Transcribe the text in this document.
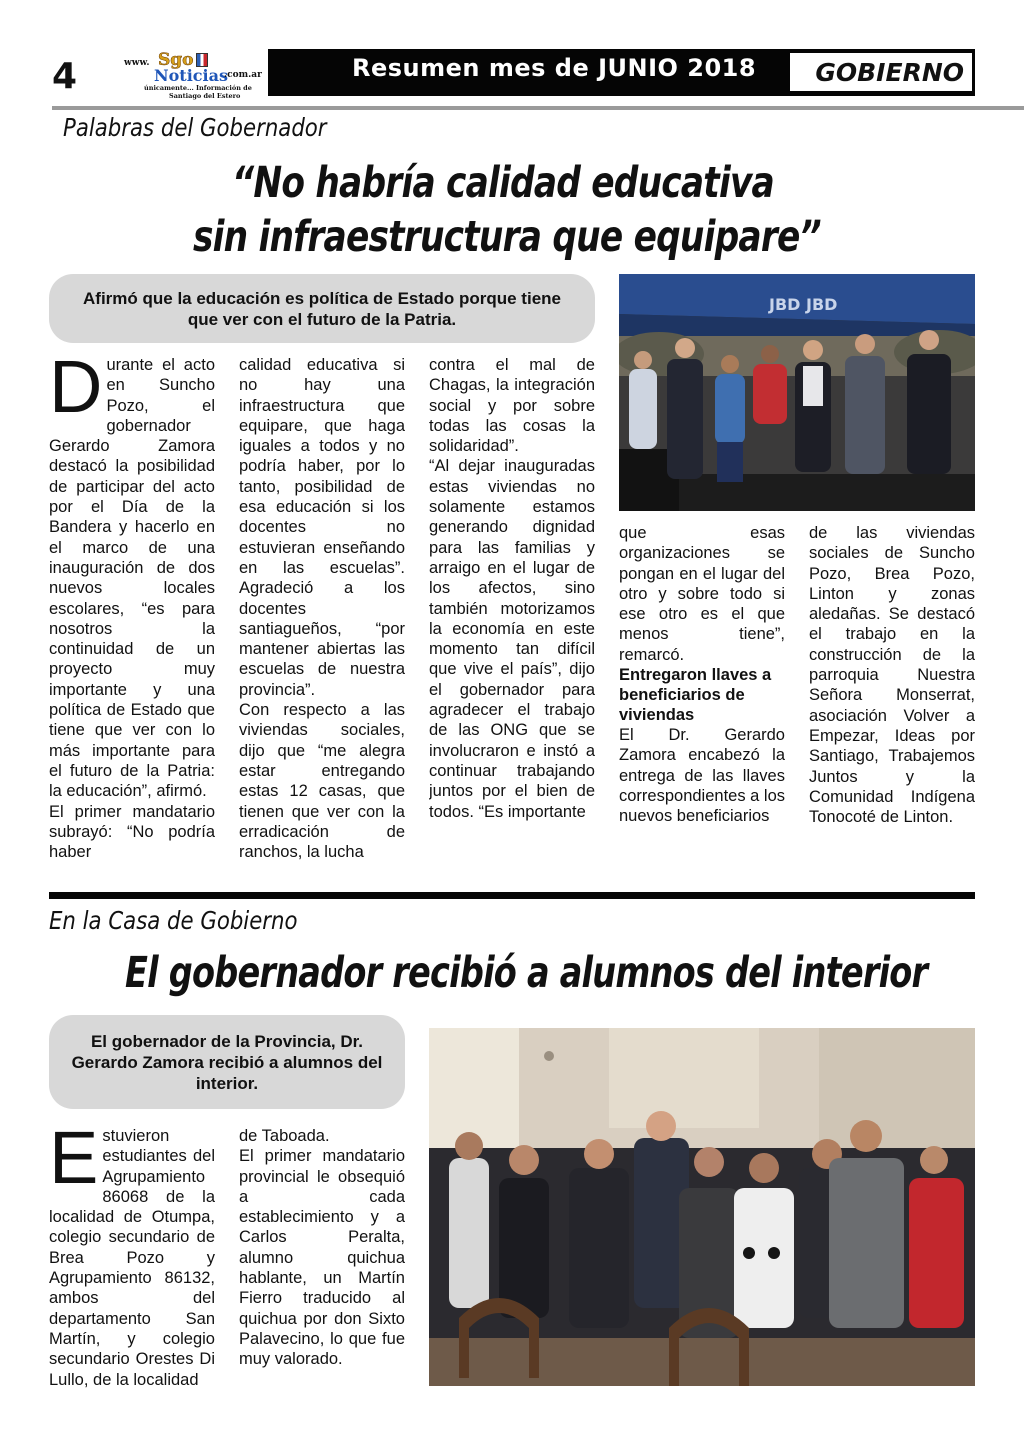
4	www. Sgo
Noticias
.com.ar
únicamente... Información de
Santiago del Estero
Resumen mes de JUNIO 2018 GOBIERNO
Palabras del Gobernador
“No habría calidad educativa
sin infraestructura que equipare”
Afirmó que la educación es política de Estado porque tiene que ver con el futuro de la Patria.
JBD JBD
D urante el acto en Suncho Pozo, el gobernador Gerardo Zamora destacó la posibilidad de participar del acto por el Día de la Bandera y hacerlo en el marco de una inauguración de dos nuevos locales escolares, “es para nosotros la continuidad de un proyecto muy importante y una política de Estado que tiene que ver con lo más importante para el futuro de la Patria: la educación”, afirmó.

El primer mandatario subrayó: “No podría haber

calidad educativa si no hay una infraestructura que equipare, que haga iguales a todos y no podría haber, por lo tanto, posibilidad de esa educación si los docentes no estuvieran enseñando en las escuelas”. Agradeció a los docentes santiagueños, “por mantener abiertas las escuelas de nuestra provincia”.

Con respecto a las viviendas sociales, dijo que “me alegra estar entregando estas 12 casas, que tienen que ver con la erradicación de ranchos, la lucha

contra el mal de Chagas, la integración social y por sobre todas las cosas la solidaridad”.

“Al dejar inauguradas estas viviendas no solamente estamos generando dignidad para las familias y arraigo en el lugar de los afectos, sino también motorizamos la economía en este momento tan difícil que vive el país”, dijo el gobernador para agradecer el trabajo de las ONG que se involucraron e instó a continuar trabajando juntos por el bien de todos. “Es importante

que esas organizaciones se pongan en el lugar del otro y sobre todo si ese otro es el que menos tiene”, remarcó.

Entregaron llaves a beneficiarios de viviendas

El Dr. Gerardo Zamora encabezó la entrega de las llaves correspondientes a los nuevos beneficiarios

de las viviendas sociales de Suncho Pozo, Brea Pozo, Linton y zonas aledañas. Se destacó el trabajo en la construcción de la parroquia Nuestra Señora Monserrat, asociación Volver a Empezar, Ideas por Santiago, Trabajemos Juntos y la Comunidad Indígena Tonocoté de Linton.

En la Casa de Gobierno
El gobernador recibió a alumnos del interior
El gobernador de la Provincia, Dr. Gerardo Zamora recibió a alumnos del interior.
E stuvieron estudiantes del Agrupamiento 86068 de la localidad de Otumpa, colegio secundario de Brea Pozo y Agrupamiento 86132, ambos del departamento San Martín, y colegio secundario Orestes Di Lullo, de la localidad

de Taboada.

El primer mandatario provincial le obsequió a cada establecimiento y a Carlos Peralta, alumno quichua hablante, un Martín Fierro traducido al quichua por don Sixto Palavecino, lo que fue muy valorado.
